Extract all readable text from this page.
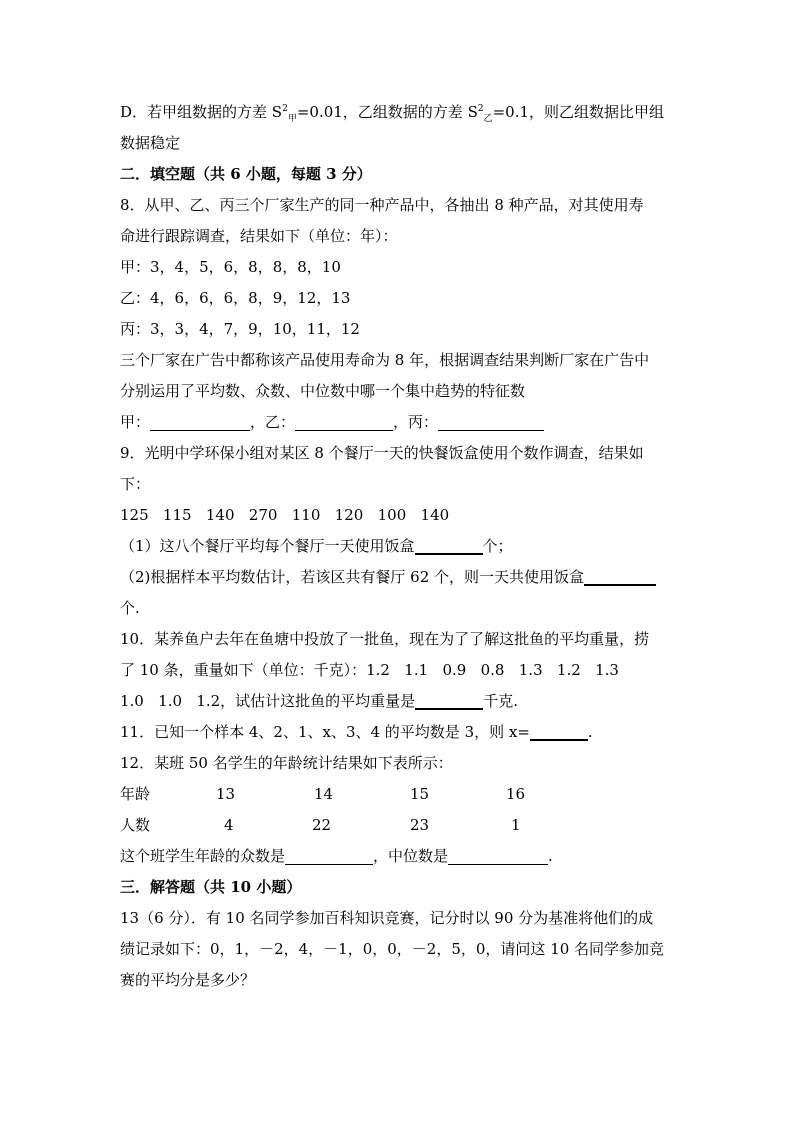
D．若甲组数据的方差 $S^2_甲=0.01$，乙组数据的方差 $S^2_乙=0.1$，则乙组数据比甲组
数据稳定
二．填空题（共 6 小题，每题 3 分）
8．从甲、乙、丙三个厂家生产的同一种产品中，各抽出 8 种产品，对其使用寿
命进行跟踪调查，结果如下（单位：年）：
甲：3，4，5，6，8，8，8，10
乙：4，6，6，6，8，9，12，13
丙：3，3，4，7，9，10，11，12
三个厂家在广告中都称该产品使用寿命为 8 年，根据调查结果判断厂家在广告中
分别运用了平均数、众数、中位数中哪一个集中趋势的特征数
甲：	，乙：	，丙：
9．光明中学环保小组对某区 8 个餐厅一天的快餐饭盒使用个数作调查，结果如
下：
125   115   140   270   110   120   100   140
（1）这八个餐厅平均每个餐厅一天使用饭盒	个；
（2)根据样本平均数估计，若该区共有餐厅 62 个，则一天共使用饭盒
个.
10．某养鱼户去年在鱼塘中投放了一批鱼，现在为了了解这批鱼的平均重量，捞
了 10 条，重量如下（单位：千克）：1.2   1.1   0.9   0.8   1.3   1.2   1.3
1.0   1.0   1.2，试估计这批鱼的平均重量是	千克.
11．已知一个样本 4、2、1、x、3、4 的平均数是 3，则 x=	.
12．某班 50 名学生的年龄统计结果如下表所示：
年龄	13	14	15	16
人数	4	22	23	1
这个班学生年龄的众数是	，中位数是	.
三．解答题（共 10 小题）
13（6 分）．有 10 名同学参加百科知识竞赛，记分时以 90 分为基准将他们的成
绩记录如下：0，1，－2，4，－1，0，0，－2，5，0，请问这 10 名同学参加竞
赛的平均分是多少？
